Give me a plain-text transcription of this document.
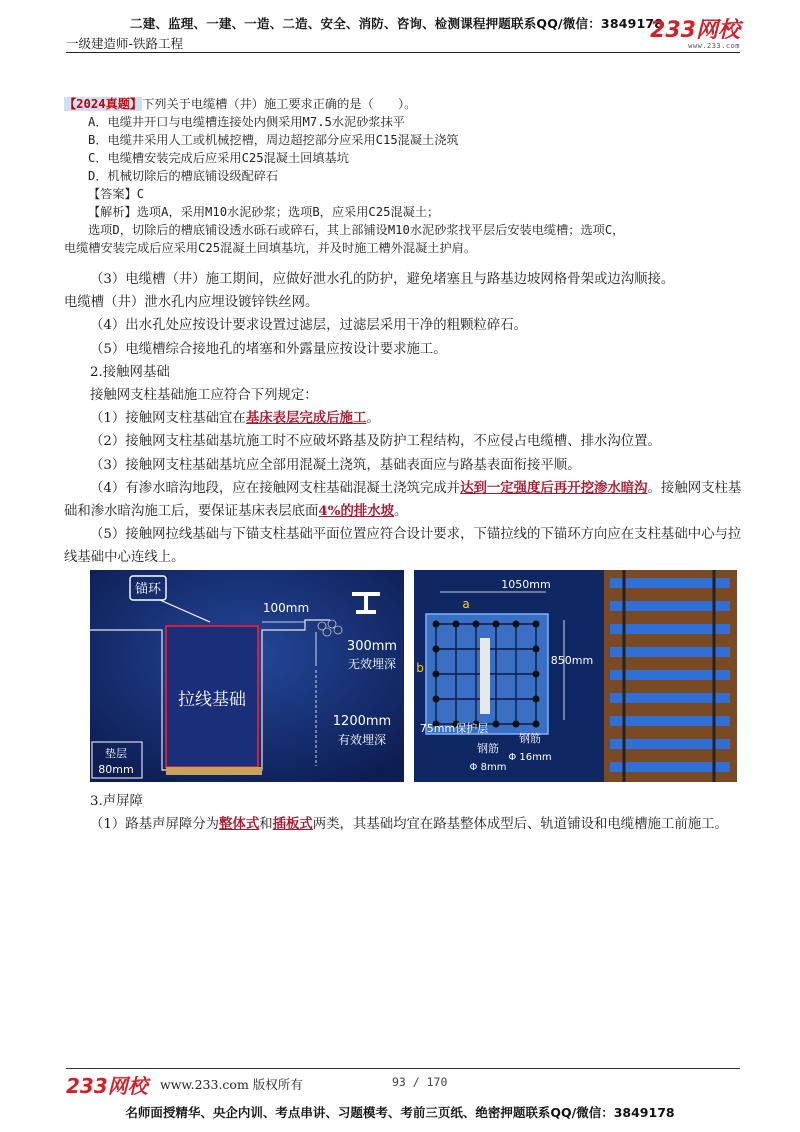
二建、监理、一建、一造、二造、安全、消防、咨询、检测课程押题联系QQ/微信：3849178
一级建造师-铁路工程
233网校
www.233.com

【2024真题】下列关于电缆槽（井）施工要求正确的是（　　）。

A．电缆井开口与电缆槽连接处内侧采用M7.5水泥砂浆抹平

B．电缆井采用人工或机械挖槽，周边超挖部分应采用C15混凝土浇筑

C．电缆槽安装完成后应采用C25混凝土回填基坑

D．机械切除后的槽底铺设级配碎石

【答案】C

【解析】选项A，采用M10水泥砂浆；选项B，应采用C25混凝土；

选项D，切除后的槽底铺设透水砾石或碎石，其上部铺设M10水泥砂浆找平层后安装电缆槽；选项C，

电缆槽安装完成后应采用C25混凝土回填基坑，并及时施工槽外混凝土护肩。

（3）电缆槽（井）施工期间，应做好泄水孔的防护，避免堵塞且与路基边坡网格骨架或边沟顺接。

电缆槽（井）泄水孔内应埋设镀锌铁丝网。

（4）出水孔处应按设计要求设置过滤层，过滤层采用干净的粗颗粒碎石。

（5）电缆槽综合接地孔的堵塞和外露量应按设计要求施工。

2.接触网基础

接触网支柱基础施工应符合下列规定：

（1）接触网支柱基础宜在基床表层完成后施工。

（2）接触网支柱基础基坑施工时不应破坏路基及防护工程结构，不应侵占电缆槽、排水沟位置。

（3）接触网支柱基础基坑应全部用混凝土浇筑，基础表面应与路基表面衔接平顺。

（4）有渗水暗沟地段，应在接触网支柱基础混凝土浇筑完成并达到一定强度后再开挖渗水暗沟。接触网支柱基础和渗水暗沟施工后，要保证基床表层底面4%的排水坡。

（5）接触网拉线基础与下锚支柱基础平面位置应符合设计要求，下锚拉线的下锚环方向应在支柱基础中心与拉线基础中心连线上。

锚环
100mm
300mm
无效埋深
1200mm
有效埋深
拉线基础
垫层
80mm
1050mm
a
850mm
b
75mm保护层
钢筋
Φ 8mm
钢筋
Φ 16mm

3.声屏障

（1）路基声屏障分为整体式和插板式两类，其基础均宜在路基整体成型后、轨道铺设和电缆槽施工前施工。

233网校 www.233.com 版权所有	93 / 170
名师面授精华、央企内训、考点串讲、习题模考、考前三页纸、绝密押题联系QQ/微信：3849178
